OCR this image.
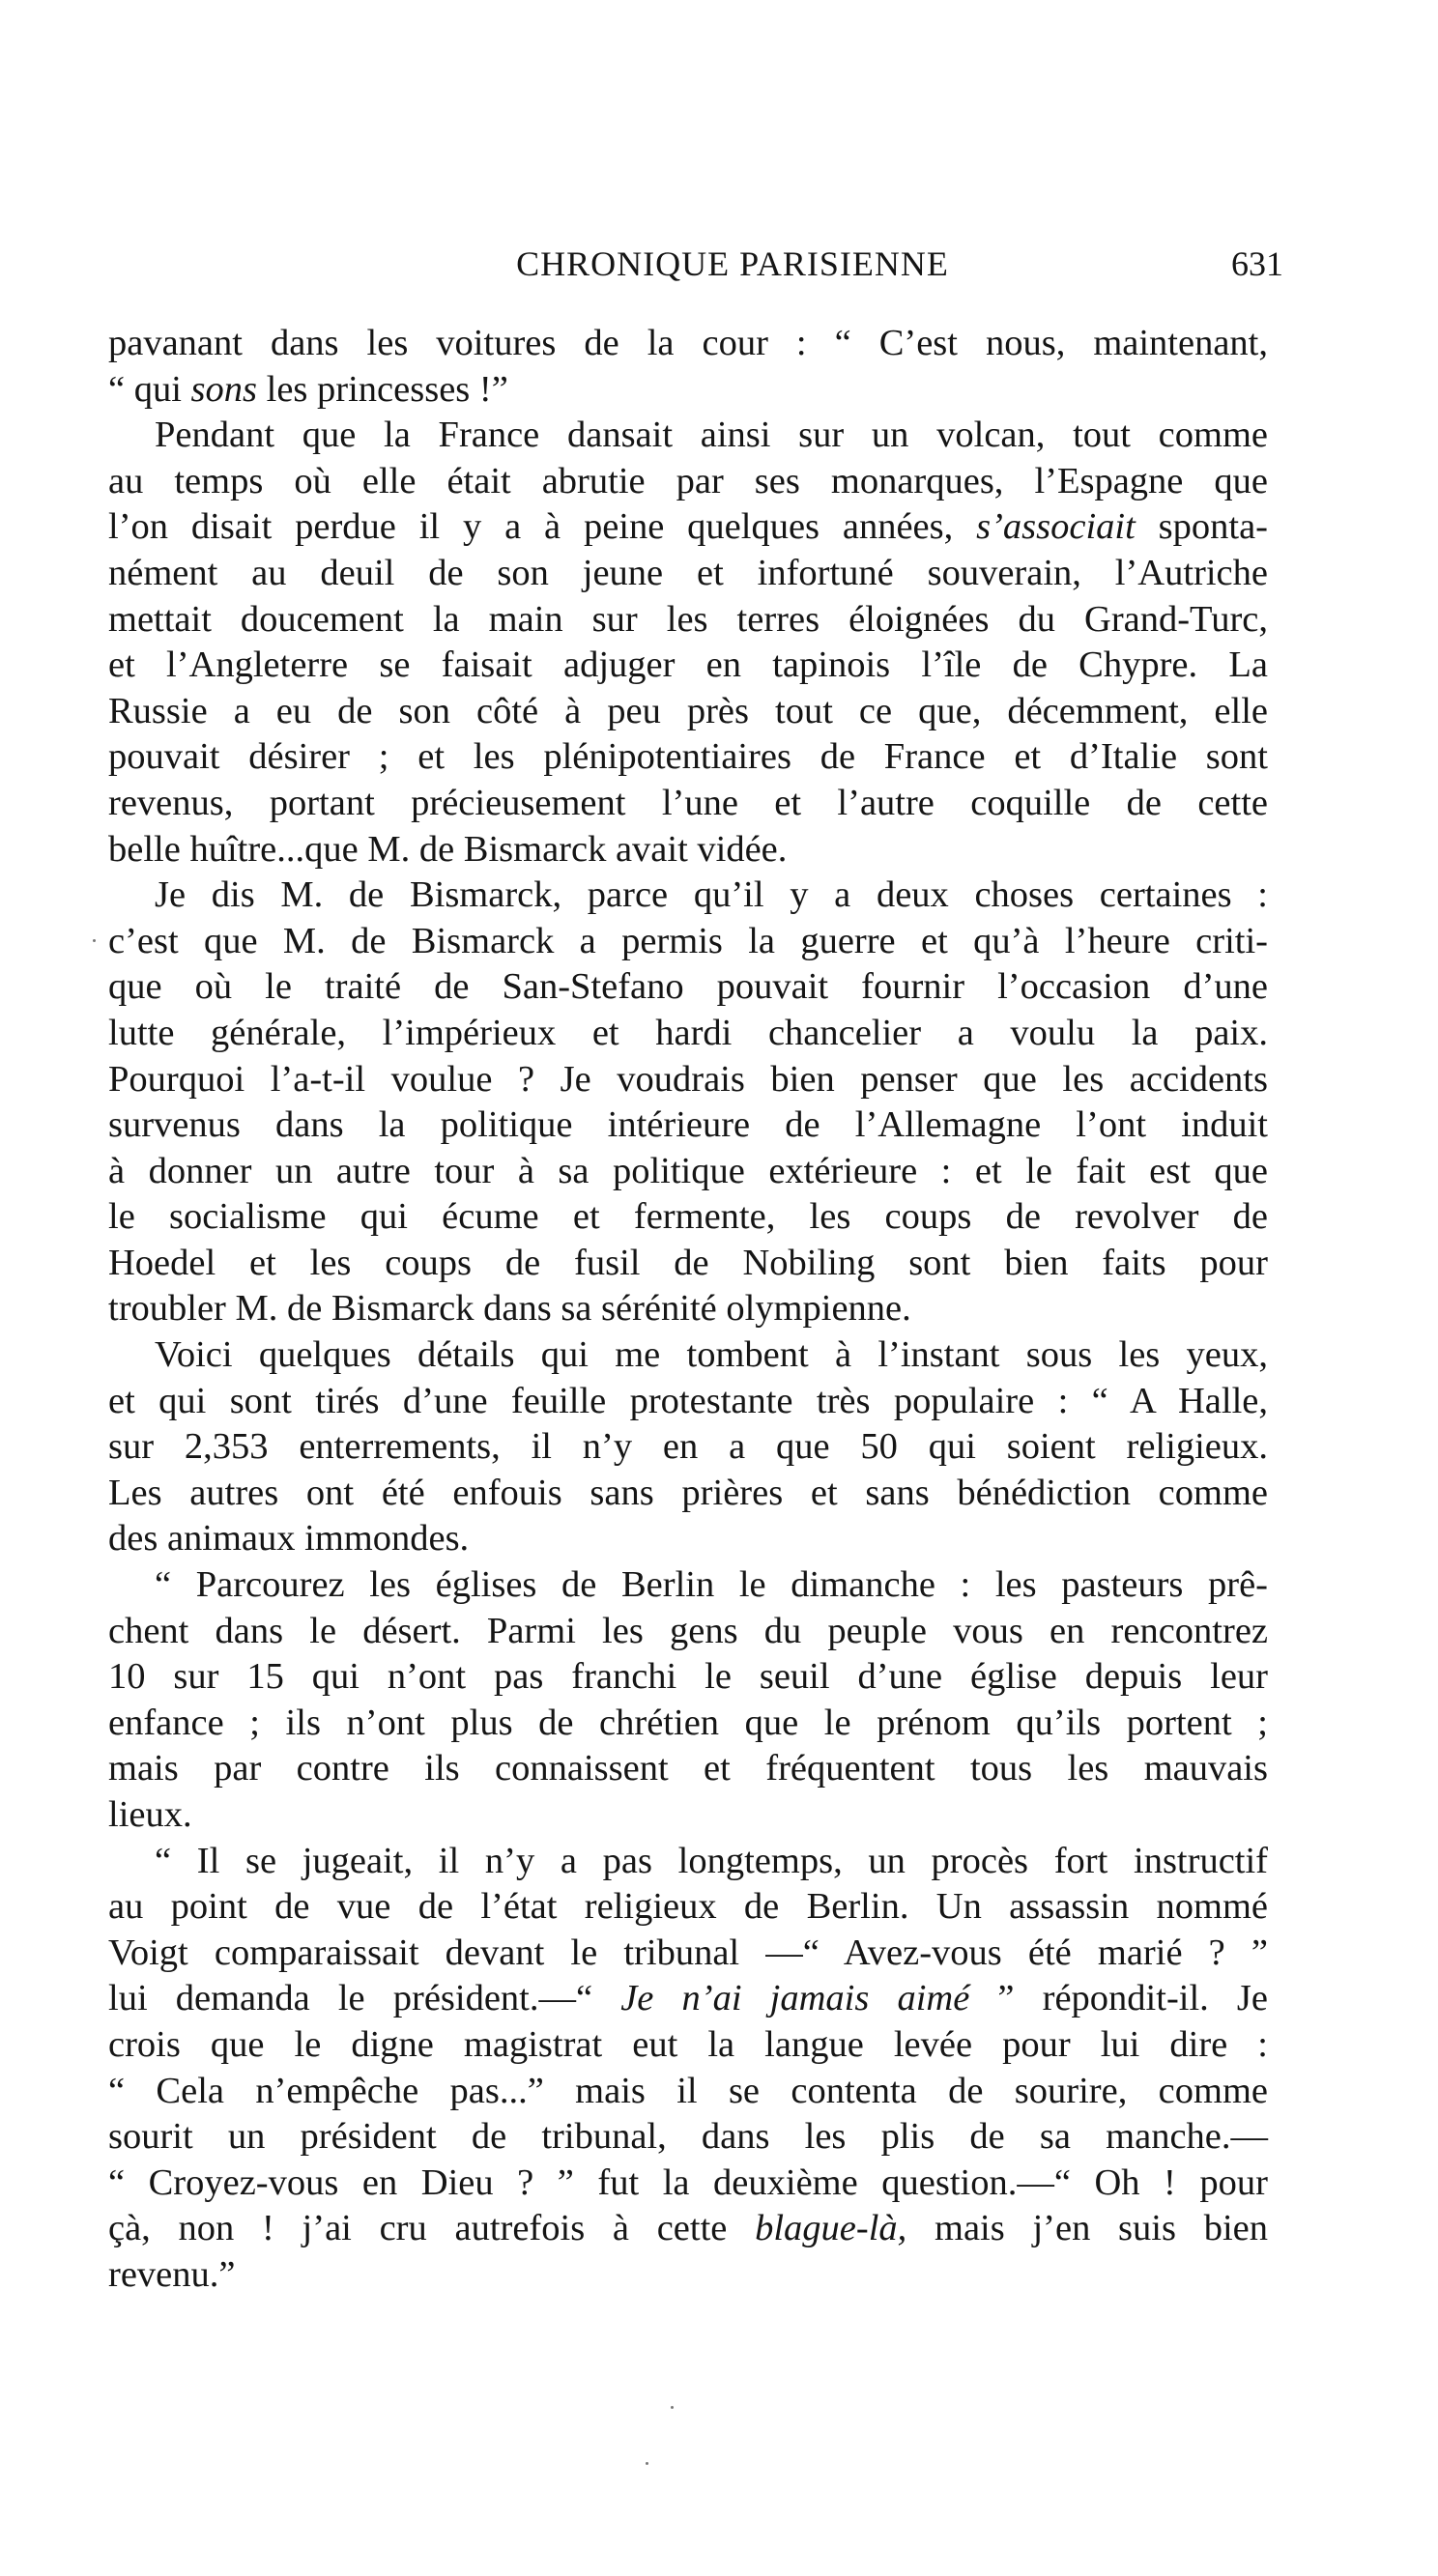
CHRONIQUE PARISIENNE	631
pavanant dans les voitures de la cour : “ C’est nous, maintenant,
“ qui sons les princesses !”
Pendant que la France dansait ainsi sur un volcan, tout comme
au temps où elle était abrutie par ses monarques, l’Espagne que
l’on disait perdue il y a à peine quelques années, s’associait sponta-
nément au deuil de son jeune et infortuné souverain, l’Autriche
mettait doucement la main sur les terres éloignées du Grand-Turc,
et l’Angleterre se faisait adjuger en tapinois l’île de Chypre. La
Russie a eu de son côté à peu près tout ce que, décemment, elle
pouvait désirer ; et les plénipotentiaires de France et d’Italie sont
revenus, portant précieusement l’une et l’autre coquille de cette
belle huître...que M. de Bismarck avait vidée.
Je dis M. de Bismarck, parce qu’il y a deux choses certaines :
c’est que M. de Bismarck a permis la guerre et qu’à l’heure criti-
que où le traité de San-Stefano pouvait fournir l’occasion d’une
lutte générale, l’impérieux et hardi chancelier a voulu la paix.
Pourquoi l’a-t-il voulue ? Je voudrais bien penser que les accidents
survenus dans la politique intérieure de l’Allemagne l’ont induit
à donner un autre tour à sa politique extérieure : et le fait est que
le socialisme qui écume et fermente, les coups de revolver de
Hoedel et les coups de fusil de Nobiling sont bien faits pour
troubler M. de Bismarck dans sa sérénité olympienne.
Voici quelques détails qui me tombent à l’instant sous les yeux,
et qui sont tirés d’une feuille protestante très populaire : “ A Halle,
sur 2,353 enterrements, il n’y en a que 50 qui soient religieux.
Les autres ont été enfouis sans prières et sans bénédiction comme
des animaux immondes.
“ Parcourez les églises de Berlin le dimanche : les pasteurs prê-
chent dans le désert. Parmi les gens du peuple vous en rencontrez
10 sur 15 qui n’ont pas franchi le seuil d’une église depuis leur
enfance ; ils n’ont plus de chrétien que le prénom qu’ils portent ;
mais par contre ils connaissent et fréquentent tous les mauvais
lieux.
“ Il se jugeait, il n’y a pas longtemps, un procès fort instructif
au point de vue de l’état religieux de Berlin. Un assassin nommé
Voigt comparaissait devant le tribunal —“ Avez-vous été marié ? ”
lui demanda le président.—“ Je n’ai jamais aimé ” répondit-il. Je
crois que le digne magistrat eut la langue levée pour lui dire :
“ Cela n’empêche pas...” mais il se contenta de sourire, comme
sourit un président de tribunal, dans les plis de sa manche.—
“ Croyez-vous en Dieu ? ” fut la deuxième question.—“ Oh ! pour
çà, non ! j’ai cru autrefois à cette blague-là, mais j’en suis bien
revenu.”
